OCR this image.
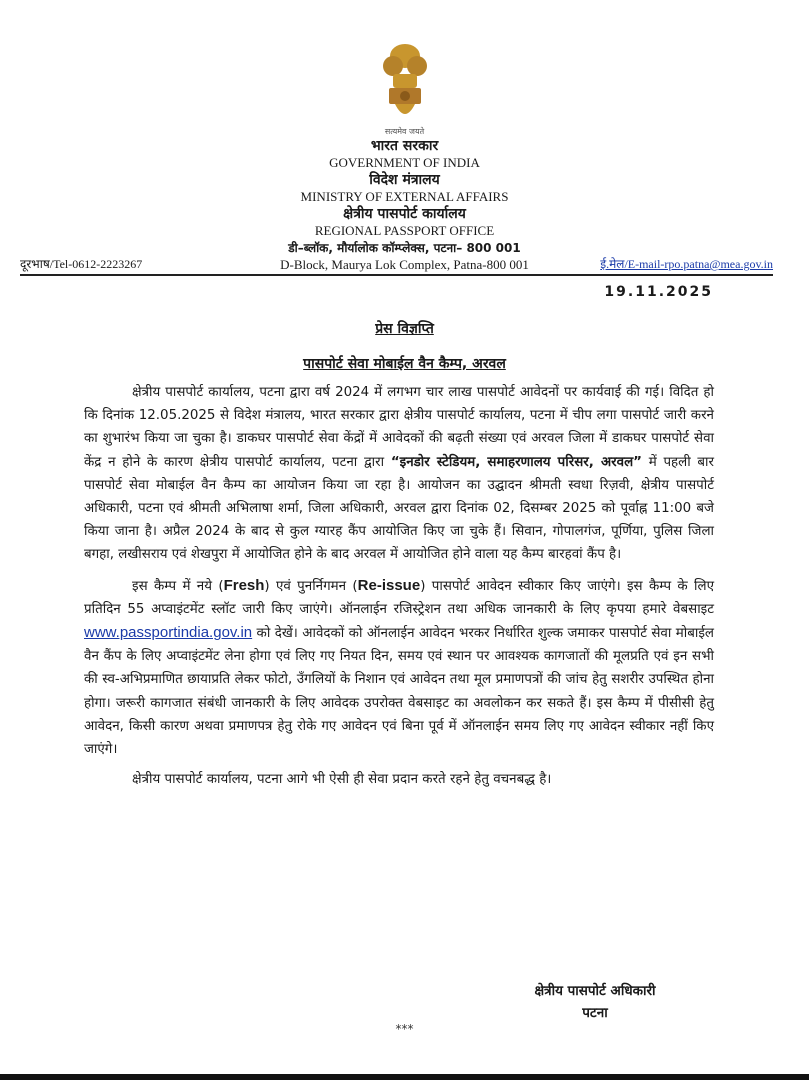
सत्यमेव जयते
भारत सरकार
GOVERNMENT OF INDIA
विदेश मंत्रालय
MINISTRY OF EXTERNAL AFFAIRS
क्षेत्रीय पासपोर्ट कार्यालय
REGIONAL PASSPORT OFFICE
डी–ब्लॉक, मौर्यालोक कॉम्प्लेक्स, पटना– 800 001
D-Block, Maurya Lok Complex, Patna-800 001
दूरभाष/Tel-0612-2223267	ई.मेल/E-mail-rpo.patna@mea.gov.in
19.11.2025
प्रेस विज्ञप्ति
पासपोर्ट सेवा मोबाईल वैन कैम्प, अरवल

क्षेत्रीय पासपोर्ट कार्यालय, पटना द्वारा वर्ष 2024 में लगभग चार लाख पासपोर्ट आवेदनों पर कार्यवाई की गई। विदित हो कि दिनांक 12.05.2025 से विदेश मंत्रालय, भारत सरकार द्वारा क्षेत्रीय पासपोर्ट कार्यालय, पटना में चीप लगा पासपोर्ट जारी करने का शुभारंभ किया जा चुका है। डाकघर पासपोर्ट सेवा केंद्रों में आवेदकों की बढ़ती संख्या एवं अरवल जिला में डाकघर पासपोर्ट सेवा केंद्र न होने के कारण क्षेत्रीय पासपोर्ट कार्यालय, पटना द्वारा “इनडोर स्टेडियम, समाहरणालय परिसर, अरवल” में पहली बार पासपोर्ट सेवा मोबाईल वैन कैम्प का आयोजन किया जा रहा है। आयोजन का उद्घादन श्रीमती स्वधा रिज़वी, क्षेत्रीय पासपोर्ट अधिकारी, पटना एवं श्रीमती अभिलाषा शर्मा, जिला अधिकारी, अरवल द्वारा दिनांक 02, दिसम्बर 2025 को पूर्वाह्न 11:00 बजे किया जाना है। अप्रैल 2024 के बाद से कुल ग्यारह कैंप आयोजित किए जा चुके हैं। सिवान, गोपालगंज, पूर्णिया, पुलिस जिला बगहा, लखीसराय एवं शेखपुरा में आयोजित होने के बाद अरवल में आयोजित होने वाला यह कैम्प बारहवां कैंप है।

इस कैम्प में नये (Fresh) एवं पुनर्निगमन (Re-issue) पासपोर्ट आवेदन स्वीकार किए जाएंगे। इस कैम्प के लिए प्रतिदिन 55 अप्वाइंटमेंट स्लॉट जारी किए जाएंगे। ऑनलाईन रजिस्ट्रेशन तथा अधिक जानकारी के लिए कृपया हमारे वेबसाइट www.passportindia.gov.in को देखें। आवेदकों को ऑनलाईन आवेदन भरकर निर्धारित शुल्क जमाकर पासपोर्ट सेवा मोबाईल वैन कैंप के लिए अप्वाइंटमेंट लेना होगा एवं लिए गए नियत दिन, समय एवं स्थान पर आवश्यक कागजातों की मूलप्रति एवं इन सभी की स्व-अभिप्रमाणित छायाप्रति लेकर फोटो, उँगलियों के निशान एवं आवेदन तथा मूल प्रमाणपत्रों की जांच हेतु सशरीर उपस्थित होना होगा। जरूरी कागजात संबंधी जानकारी के लिए आवेदक उपरोक्त वेबसाइट का अवलोकन कर सकते हैं। इस कैम्प में पीसीसी हेतु आवेदन, किसी कारण अथवा प्रमाणपत्र हेतु रोके गए आवेदन एवं बिना पूर्व में ऑनलाईन समय लिए गए आवेदन स्वीकार नहीं किए जाएंगे।

क्षेत्रीय पासपोर्ट कार्यालय, पटना आगे भी ऐसी ही सेवा प्रदान करते रहने हेतु वचनबद्ध है।

क्षेत्रीय पासपोर्ट अधिकारी
पटना
***
